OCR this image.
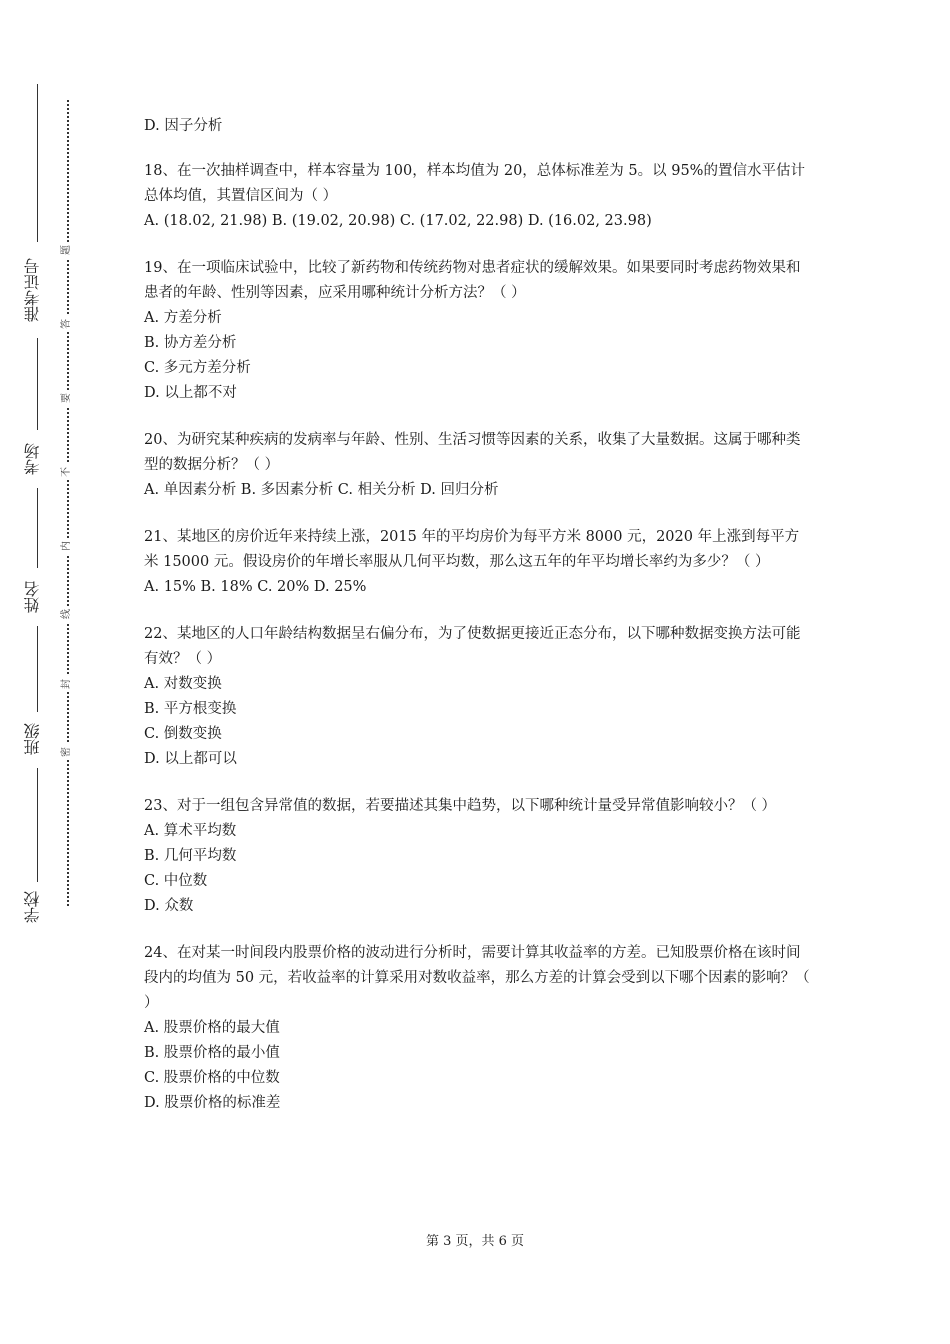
准考证号
考场
姓名
班级
学校
题
答
要
不
内
线
封
密

D. 因子分析

18、在一次抽样调查中，样本容量为 100，样本均值为 20，总体标准差为 5。以 95%的置信水平估计总体均值，其置信区间为（ ）

A. (18.02, 21.98) B. (19.02, 20.98) C. (17.02, 22.98) D. (16.02, 23.98)

19、在一项临床试验中，比较了新药物和传统药物对患者症状的缓解效果。如果要同时考虑药物效果和患者的年龄、性别等因素，应采用哪种统计分析方法？（ ）

A. 方差分析

B. 协方差分析

C. 多元方差分析

D. 以上都不对

20、为研究某种疾病的发病率与年龄、性别、生活习惯等因素的关系，收集了大量数据。这属于哪种类型的数据分析？（ ）

A. 单因素分析 B. 多因素分析 C. 相关分析 D. 回归分析

21、某地区的房价近年来持续上涨，2015 年的平均房价为每平方米 8000 元，2020 年上涨到每平方米 15000 元。假设房价的年增长率服从几何平均数，那么这五年的年平均增长率约为多少？（ ）

A. 15% B. 18% C. 20% D. 25%

22、某地区的人口年龄结构数据呈右偏分布，为了使数据更接近正态分布，以下哪种数据变换方法可能有效？（ ）

A. 对数变换

B. 平方根变换

C. 倒数变换

D. 以上都可以

23、对于一组包含异常值的数据，若要描述其集中趋势，以下哪种统计量受异常值影响较小？（ ）

A. 算术平均数

B. 几何平均数

C. 中位数

D. 众数

24、在对某一时间段内股票价格的波动进行分析时，需要计算其收益率的方差。已知股票价格在该时间段内的均值为 50 元，若收益率的计算采用对数收益率，那么方差的计算会受到以下哪个因素的影响？（ ）

A. 股票价格的最大值

B. 股票价格的最小值

C. 股票价格的中位数

D. 股票价格的标准差

第 3 页，共 6 页
